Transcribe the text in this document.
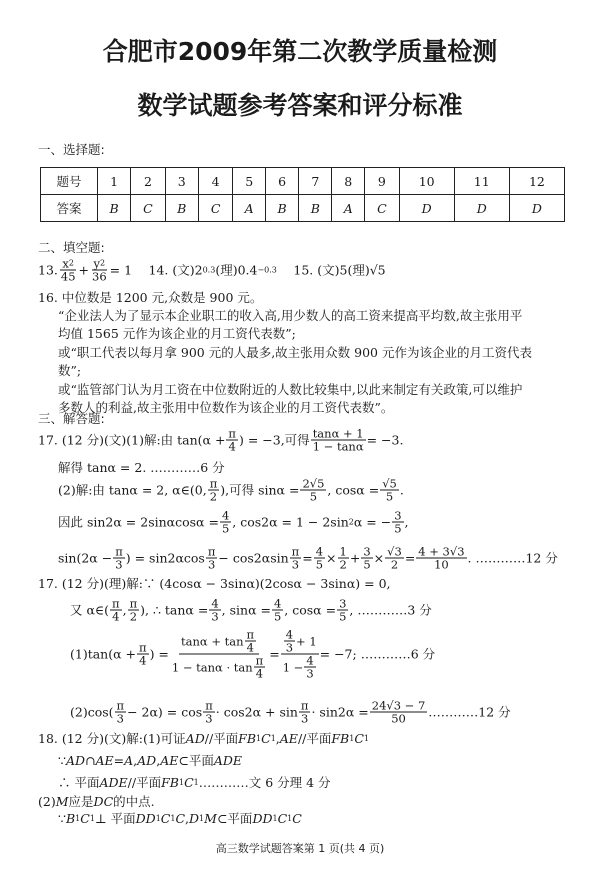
合肥市2009年第二次教学质量检测
数学试题参考答案和评分标准
一、选择题:
题号	1	2	3	4	5	6	7	8	9	10	11	12
答案	B	C	B	C	A	B	B	A	C	D	D	D
二、填空题:
三、解答题:
13. $\frac{x 2}{45} + \frac{y 2}{36} = 1$　 14. (文)2 0.3 (理)0.4 −0.3 　 15. (文)5(理)√5
16. 中位数是 1200 元,众数是 900 元。
“企业法人为了显示本企业职工的收入高,用少数人的高工资来提高平均数,故主张用平
均值 1565 元作为该企业的月工资代表数”;
或“职工代表以每月拿 900 元的人最多,故主张用众数 900 元作为该企业的月工资代表
数”;
或“监管部门认为月工资在中位数附近的人数比较集中,以此来制定有关政策,可以维护
多数人的利益,故主张用中位数作为该企业的月工资代表数”。
17. (12 分)(文)(1)解:由 $\tan(\alpha + \frac{\pi}{4}$ ) = −3,可得 $\frac{\tan\alpha + 1}{1 - \tan\alpha} = -3$.
解得 tanα = 2. …………6 分
(2)解:由 tanα = 2, α∈(0, $\frac{\pi}{2}$ ),可得 $\sin\alpha = \frac{2√5}{5}$ , $\cos\alpha = \frac{√5}{5}$ .
因此 $\sin 2\alpha = 2\sin\alpha\cos\alpha = \frac{4}{5}$ , cos2α = 1 − 2sin 2 α = − $\frac{3}{5}$ ,
$\sin(2\alpha - \frac{\pi}{3}$ ) = $\sin 2\alpha\cos \frac{\pi}{3} - \cos 2\alpha\sin \frac{\pi}{3} = \frac{4}{5} \times \frac{1}{2} + \frac{3}{5} \times \frac{√3}{2} = \frac{4 + 3√3}{10}$ . …………12 分
17. (12 分)(理)解:∵ (4cosα − 3sinα)(2cosα − 3sinα) = 0,
又 α∈( $\frac{\pi}{4}$ , $\frac{\pi}{2}$ ), ∴ $\tan\alpha = \frac{4}{3}$ , $\sin\alpha = \frac{4}{5}$ , $\cos\alpha = \frac{3}{5}$ , …………3 分
$(1)\tan(\alpha + \frac{\pi}{4}$ ) = $\frac{\tan\alpha + \tan \frac{\pi}{4}}{1 - \tan\alpha \cdot \tan \frac{\pi}{4}} = \frac{\frac{4}{3} + 1}{1 - \frac{4}{3}} = -7$; …………6 分
$(2)\cos( \frac{\pi}{3} - 2\alpha) = \cos \frac{\pi}{3} \cdot \cos 2\alpha + \sin \frac{\pi}{3} \cdot \sin 2\alpha = \frac{24√3 - 7}{50}$ …………12 分
18. (12 分)(文)解:(1)可证 AD //平面 FB 1 C 1 , AE //平面 FB 1 C 1
∵ AD ∩ AE = A , AD , AE ⊂平面 ADE
∴ 平面 ADE //平面 FB 1 C 1 …………文 6 分理 4 分
(2) M 应是 DC 的中点.
∵ B 1 C 1 ⊥ 平面 DD 1 C 1 C , D 1 M ⊂平面 DD 1 C 1 C
高三数学试题答案第 1 页(共 4 页)
